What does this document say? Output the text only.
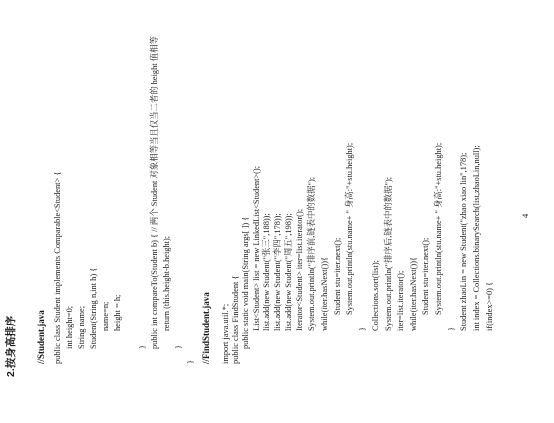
2.按身高排序 //Student.java public class Student implements Comparable<Student> { int height=0; String name; Student(String n,int h) { name=n; height = h;
} public int compareTo(Student b) { // 两个 Student 对象相等当且仅当二者的 height 值相等 return (this.height-b.height);
}
} //FindStudent.java import java.util.*; public class FindStudent { public static void main(String args[ ]) { List<Student> list = new LinkedList<Student>(); list.add(new Student("张三",188)); list.add(new Student("李四",178)); list.add(new Student("周五",198)); Iterator<Student> iter=list.iterator(); System.out.println("排序前,链表中的数据"); while(iter.hasNext()){ Student stu=iter.next(); System.out.println(stu.name+ " 身高:"+stu.height);
} Collections.sort(list); System.out.println("排序后,链表中的数据"); iter=list.iterator(); while(iter.hasNext()){ Student stu=iter.next(); System.out.println(stu.name+ " 身高:"+stu.height);
} Student zhaoLin = new Student("zhao xiao lin",178); int index = Collections.binarySearch(list,zhaoLin,null); if(index>=0) {
4
